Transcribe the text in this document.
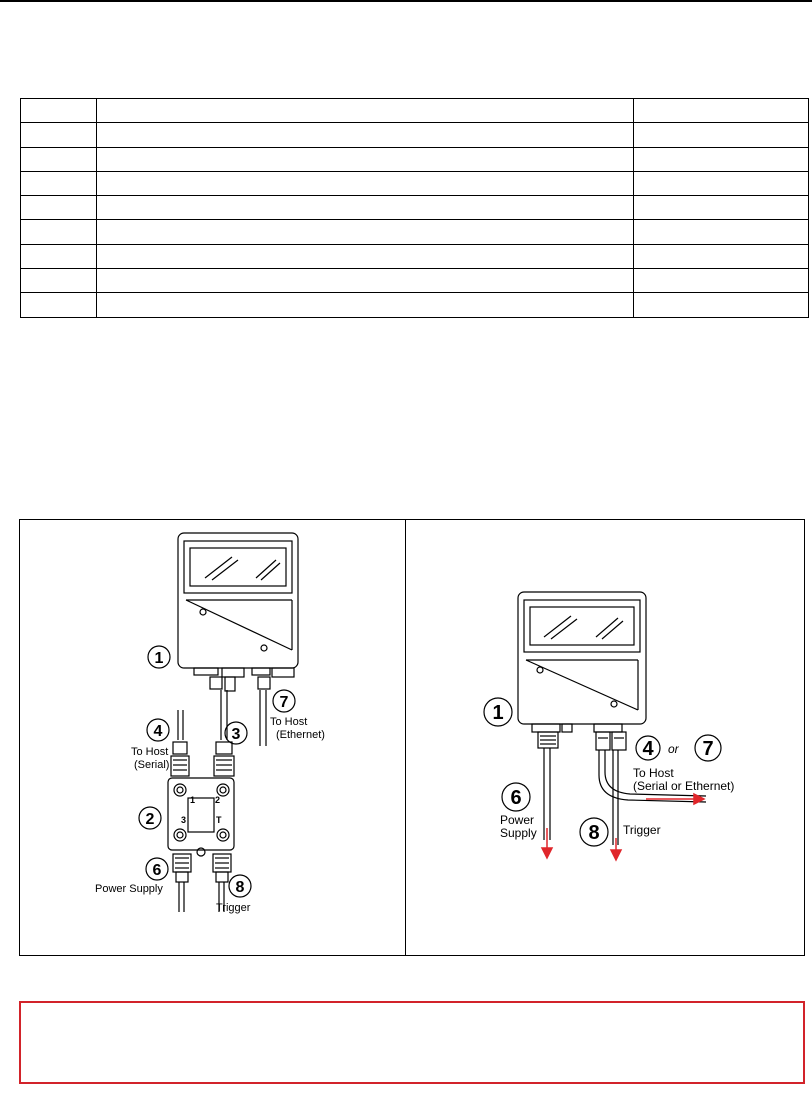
1
7
4	3
2
6
8
To Host
(Ethernet)
To Host
(Serial)
Power Supply
Trigger
1 2
3	T
1
4 7
6
8
or
To Host
(Serial or Ethernet)
Power
Supply	Trigger
